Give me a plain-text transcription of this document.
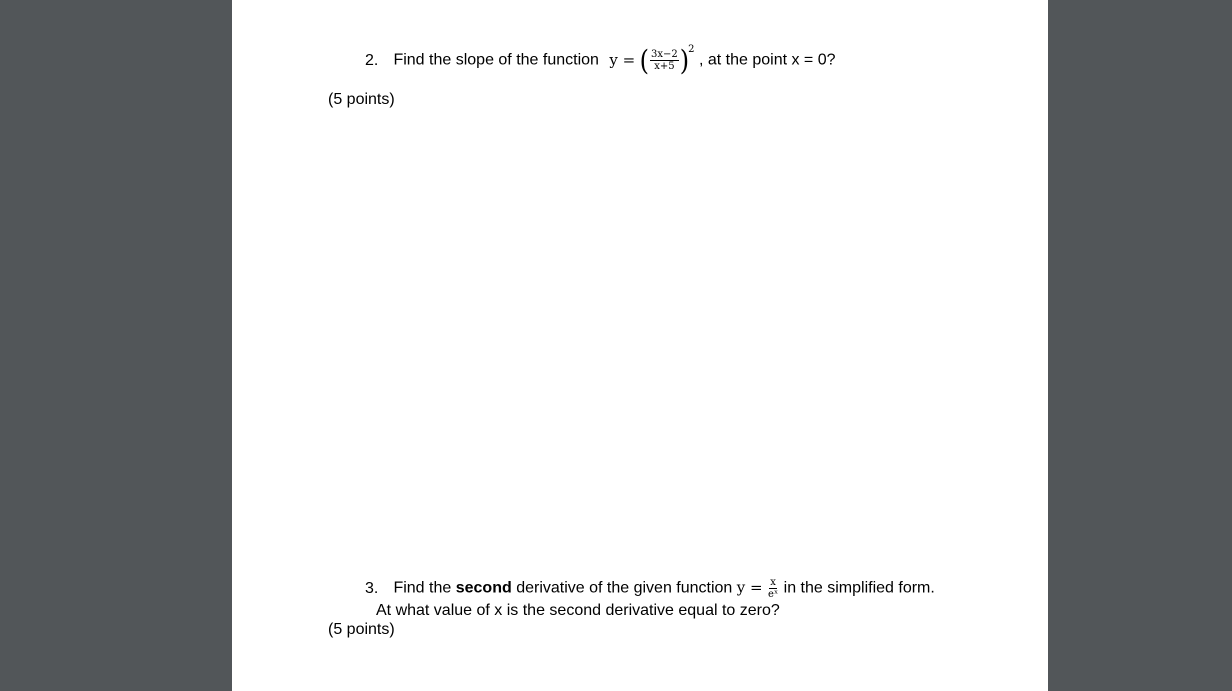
2. Find the slope of the function y = ( $\frac{3x-2}{x+5} )^2$ , at the point x = 0?
(5 points)
3. Find the second derivative of the given function $y = \frac{x}{\text{eˣ}}$ in the simplified form.
At what value of x is the second derivative equal to zero?
(5 points)
